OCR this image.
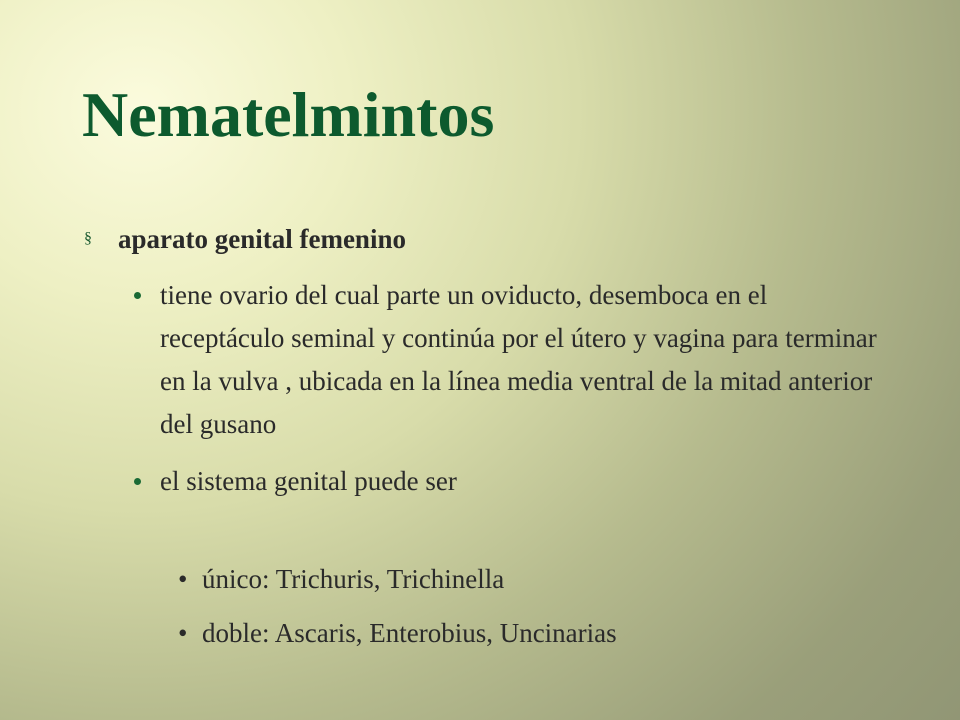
Nematelmintos
§ aparato genital femenino
tiene ovario del cual parte un oviducto, desemboca en el receptáculo seminal y continúa por el útero y vagina para terminar en la vulva , ubicada en la línea media ventral de la mitad anterior del gusano
el sistema genital puede ser
• único: Trichuris, Trichinella
• doble: Ascaris, Enterobius, Uncinarias
